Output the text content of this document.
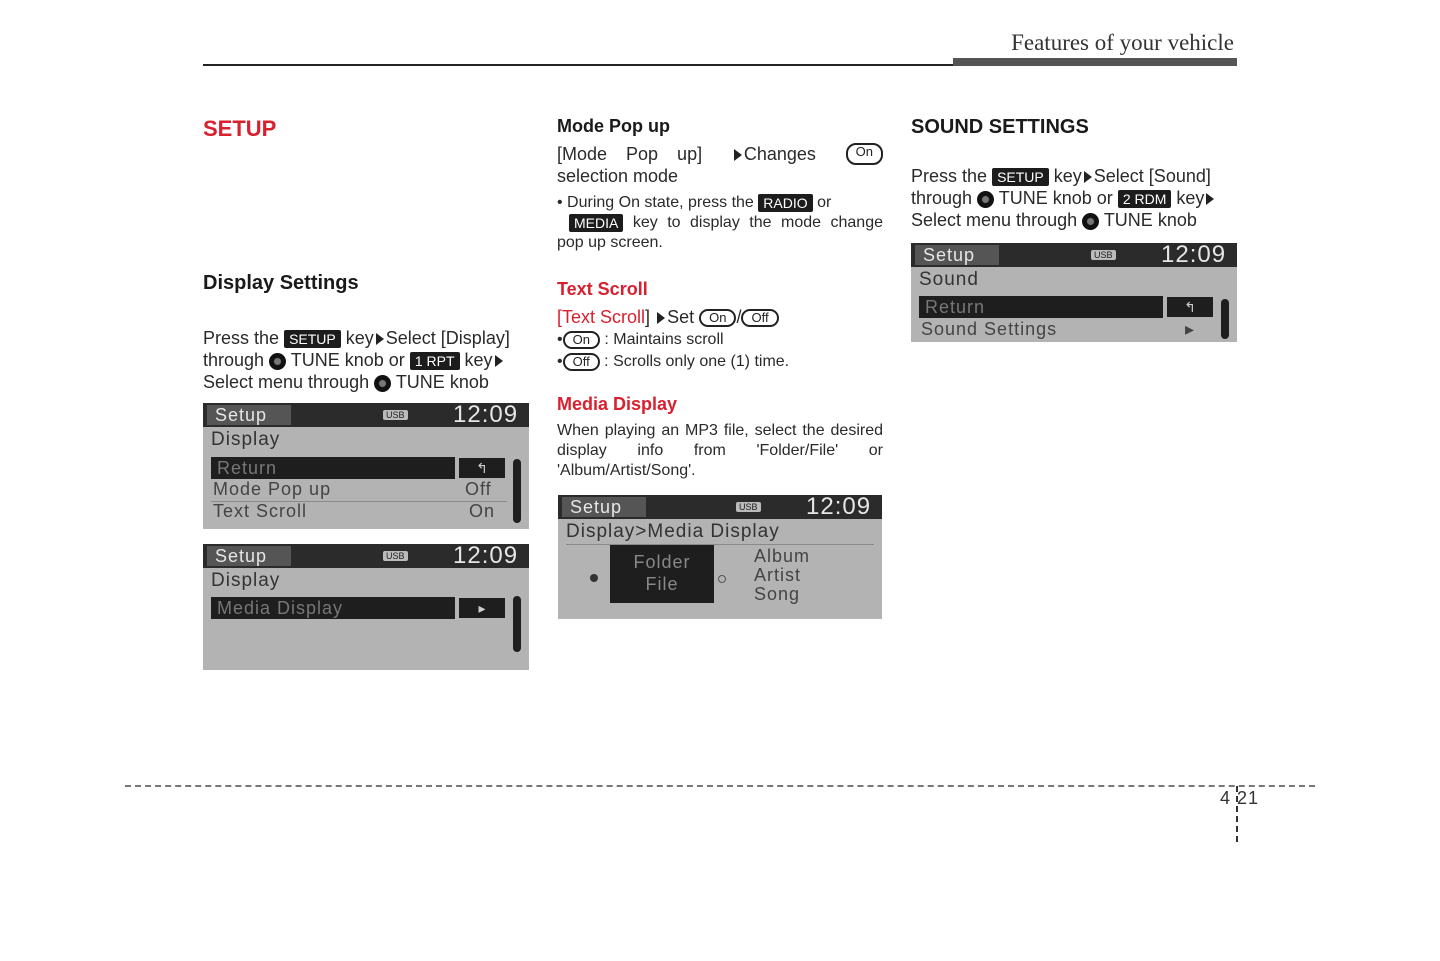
Features of your vehicle
SETUP
Display Settings

Press the SETUP key Select [Display]
through TUNE knob or 1 RPT key
Select menu through TUNE knob

Setup	USB 12:09
Display
Return	↰
Mode Pop up	Off
Text Scroll	On
Setup	USB 12:09
Display
Media Display	▸
Mode Pop up

[Mode Pop up]	Changes	On

selection mode

• During On state, press the RADIO or
MEDIA key to display the mode change pop up screen.

Text Scroll

[Text Scroll] Set On / Off

• On : Maintains scroll

• Off : Scrolls only one (1) time.

Media Display

When playing an MP3 file, select the desired display info from 'Folder/File' or 'Album/Artist/Song'.

Setup	USB 12:09
Display>Media Display
Folder
File
Album
Artist
Song
SOUND SETTINGS

Press the SETUP key Select [Sound]
through TUNE knob or 2 RDM key
Select menu through TUNE knob

Setup	USB 12:09
Sound
Return	↰
Sound Settings	▸
4 21
